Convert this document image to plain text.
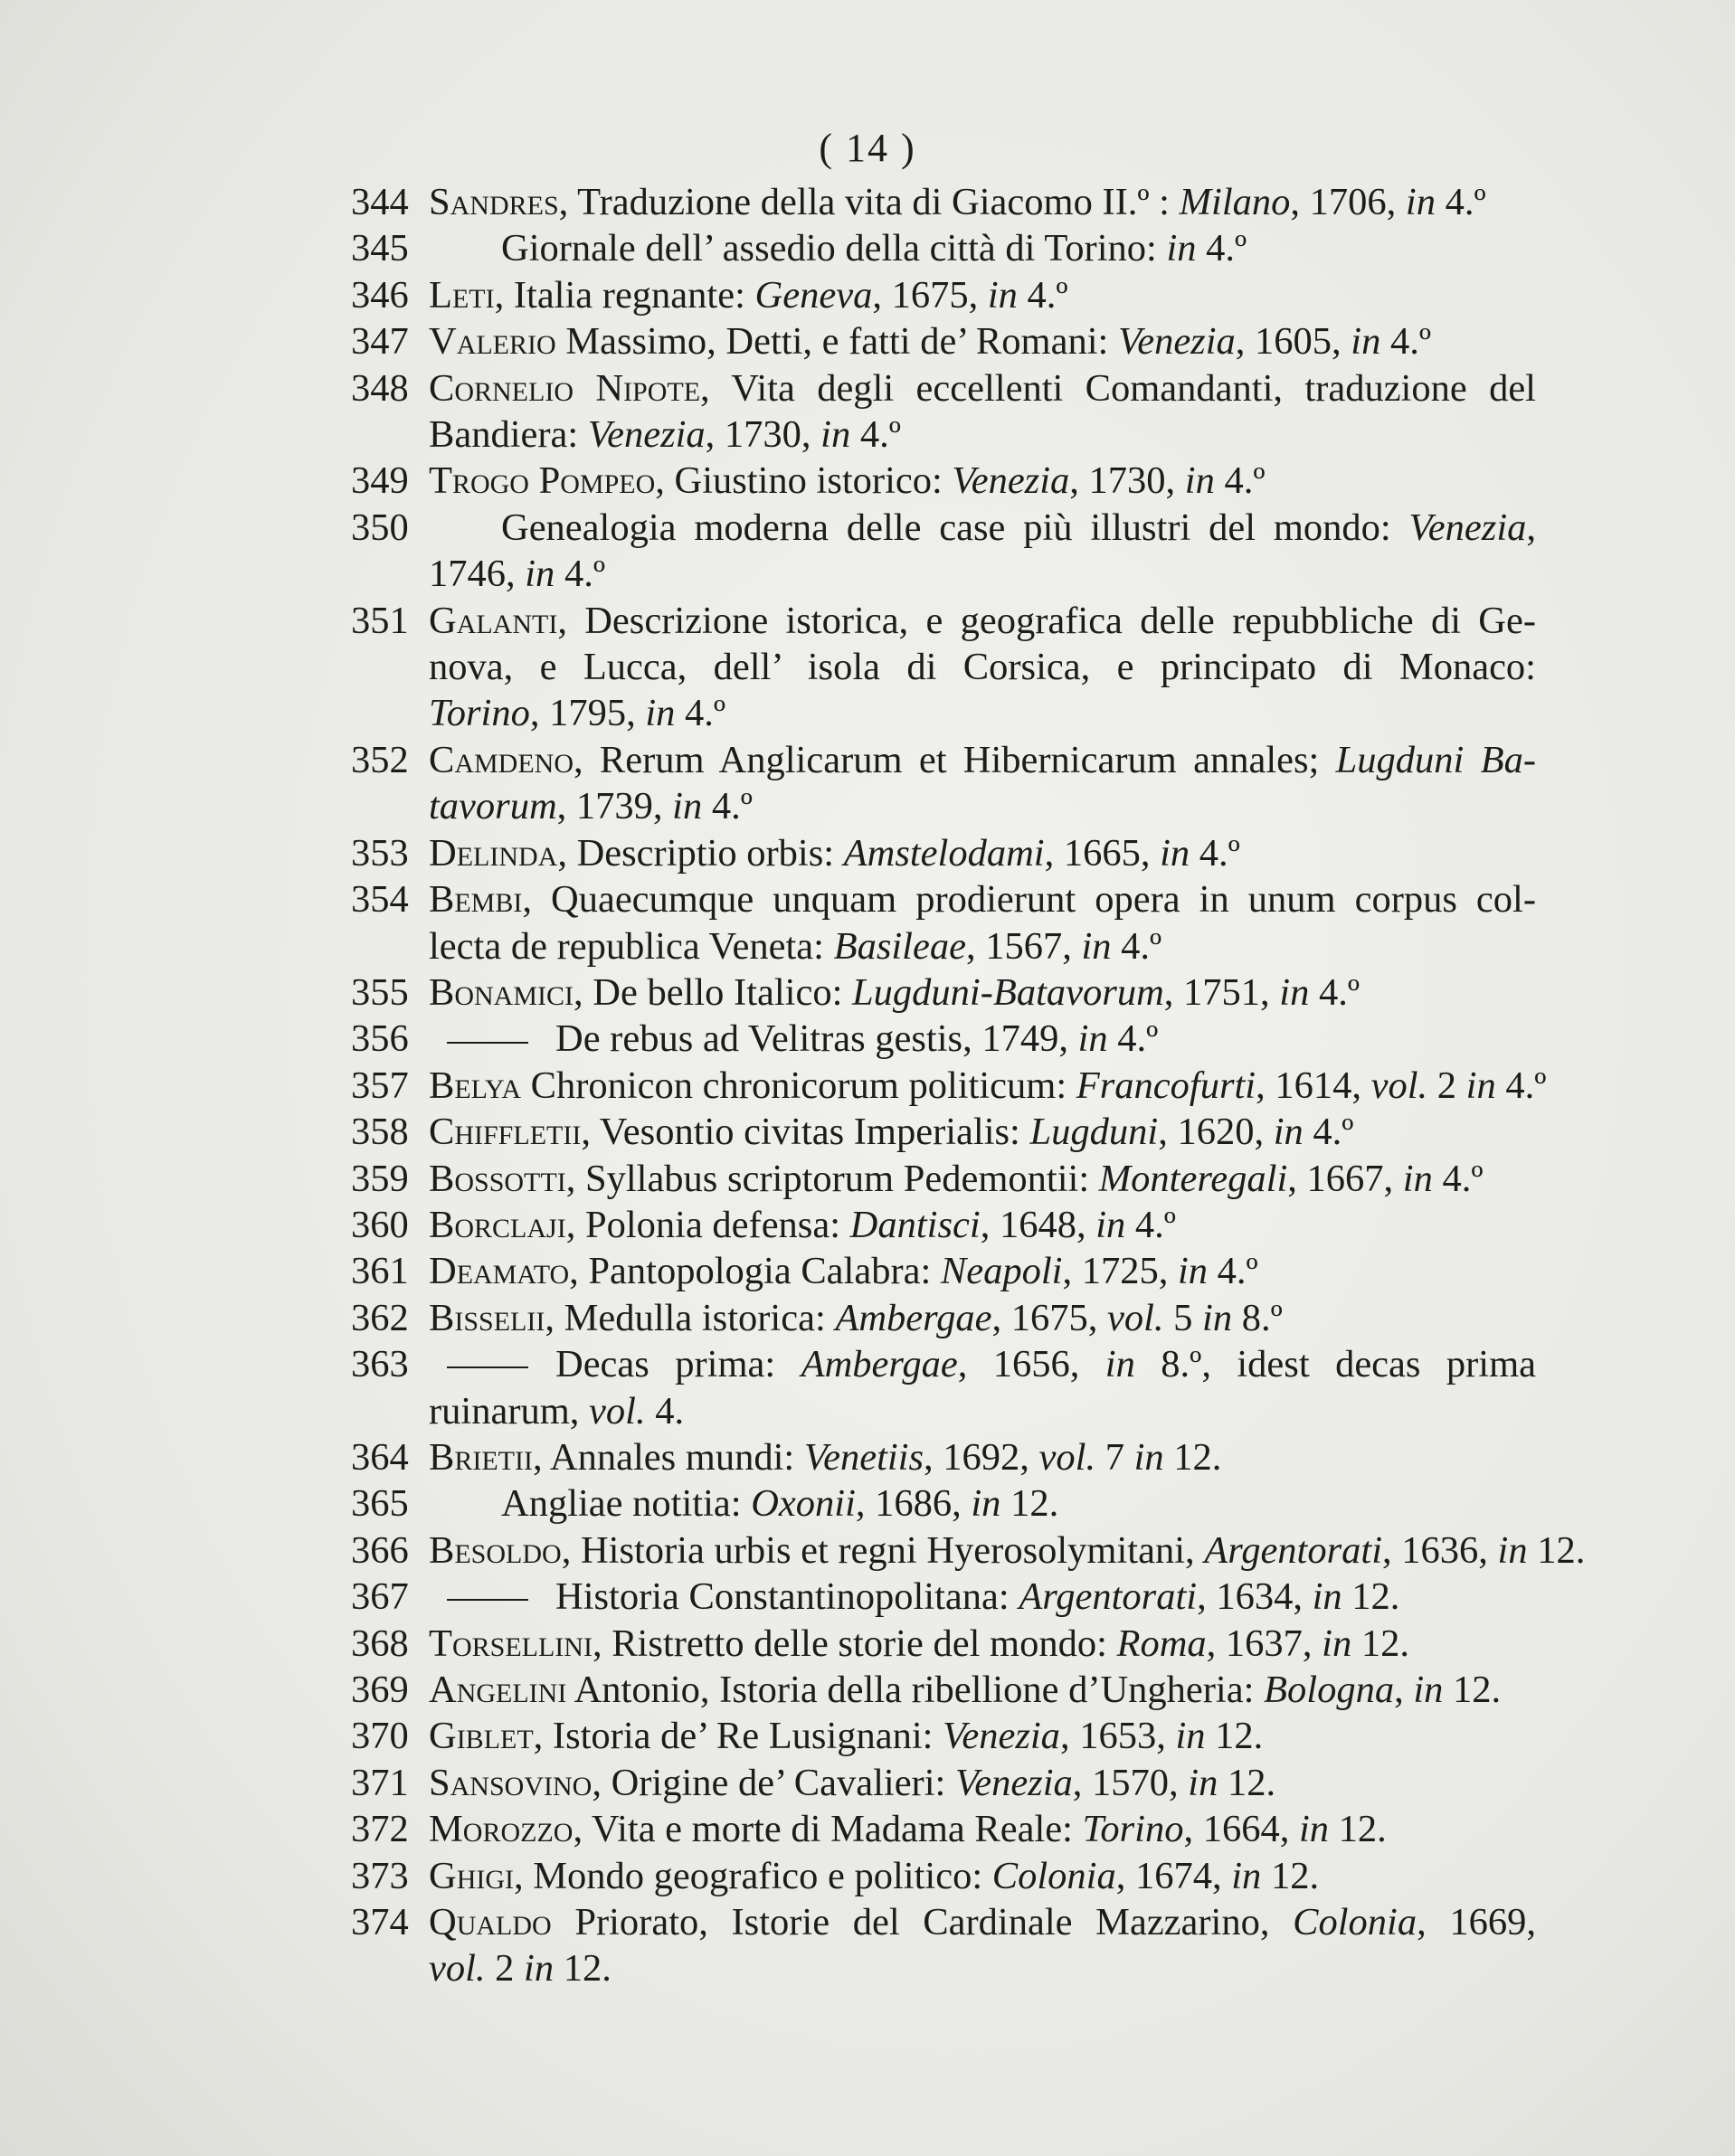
( 14 )
344 Sandres, Traduzione della vita di Giacomo II.º : Milano, 1706, in 4.º
345	Giornale dell’ assedio della città di Torino: in 4.º
346 Leti, Italia regnante: Geneva, 1675, in 4.º
347 Valerio Massimo, Detti, e fatti de’ Romani: Venezia, 1605, in 4.º
348 Cornelio Nipote, Vita degli eccellenti Comandanti, traduzione del
Bandiera: Venezia, 1730, in 4.º
349 Trogo Pompeo, Giustino istorico: Venezia, 1730, in 4.º
350	Genealogia moderna delle case più illustri del mondo: Venezia,
1746, in 4.º
351 Galanti, Descrizione istorica, e geografica delle repubbliche di Ge-
nova, e Lucca, dell’ isola di Corsica, e principato di Monaco:
Torino, 1795, in 4.º
352 Camdeno, Rerum Anglicarum et Hibernicarum annales; Lugduni Ba-
tavorum, 1739, in 4.º
353 Delinda, Descriptio orbis: Amstelodami, 1665, in 4.º
354 Bembi, Quaecumque unquam prodierunt opera in unum corpus col-
lecta de republica Veneta: Basileae, 1567, in 4.º
355 Bonamici, De bello Italico: Lugduni-Batavorum, 1751, in 4.º
356	De rebus ad Velitras gestis, 1749, in 4.º
357 Belya Chronicon chronicorum politicum: Francofurti, 1614, vol. 2 in 4.º
358 Chiffletii, Vesontio civitas Imperialis: Lugduni, 1620, in 4.º
359 Bossotti, Syllabus scriptorum Pedemontii: Monteregali, 1667, in 4.º
360 Borclaji, Polonia defensa: Dantisci, 1648, in 4.º
361 Deamato, Pantopologia Calabra: Neapoli, 1725, in 4.º
362 Bisselii, Medulla istorica: Ambergae, 1675, vol. 5 in 8.º
363	Decas prima: Ambergae, 1656, in 8.º, idest decas prima
ruinarum, vol. 4.
364 Brietii, Annales mundi: Venetiis, 1692, vol. 7 in 12.
365	Angliae notitia: Oxonii, 1686, in 12.
366 Besoldo, Historia urbis et regni Hyerosolymitani, Argentorati, 1636, in 12.
367	Historia Constantinopolitana: Argentorati, 1634, in 12.
368 Torsellini, Ristretto delle storie del mondo: Roma, 1637, in 12.
369 Angelini Antonio, Istoria della ribellione d’Ungheria: Bologna, in 12.
370 Giblet, Istoria de’ Re Lusignani: Venezia, 1653, in 12.
371 Sansovino, Origine de’ Cavalieri: Venezia, 1570, in 12.
372 Morozzo, Vita e morte di Madama Reale: Torino, 1664, in 12.
373 Ghigi, Mondo geografico e politico: Colonia, 1674, in 12.
374 Qualdo Priorato, Istorie del Cardinale Mazzarino, Colonia, 1669,
vol. 2 in 12.
